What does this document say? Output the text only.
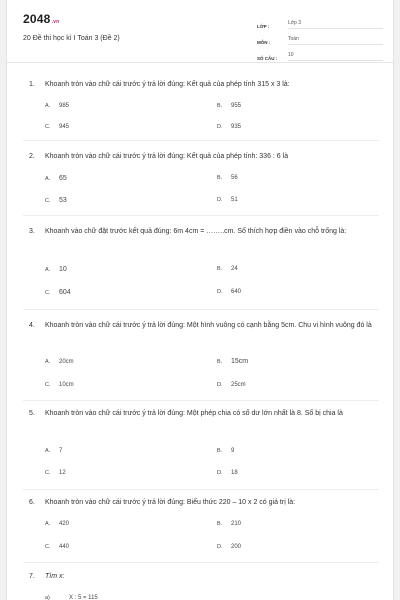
2048.vn
20 Đề thi học kì I Toán 3 (Đề 2)
LỚP :
Lớp 3
MÔN :
Toán
SỐ CÂU :
10
1. Khoanh tròn vào chữ cái trước ý trả lời đúng: Kết quả của phép tính 315 x 3 là:
A. 985	B. 955
C. 945	D. 935
2. Khoanh tròn vào chữ cái trước ý trả lời đúng: Kết quả của phép tính: 336 : 6 là
A. 65	B. 56
C. 53	D. 51
3. Khoanh vào chữ đặt trước kết quả đúng: 6m 4cm = ……..cm. Số thích hợp điền vào chỗ trống là:
A. 10	B. 24
C. 604	D. 640
4. Khoanh tròn vào chữ cái trước ý trả lời đúng: Một hình vuông có cạnh bằng 5cm. Chu vi hình vuông đó là
A. 20cm	B. 15cm
C. 10cm	D. 25cm
5. Khoanh tròn vào chữ cái trước ý trả lời đúng: Một phép chia có số dư lớn nhất là 8. Số bị chia là
A. 7	B. 9
C. 12	D. 18
6. Khoanh tròn vào chữ cái trước ý trả lời đúng: Biểu thức 220 – 10 x 2 có giá trị là:
A. 420	B. 210
C. 440	D. 200
7. Tìm x:
a)	X : 5 = 115
